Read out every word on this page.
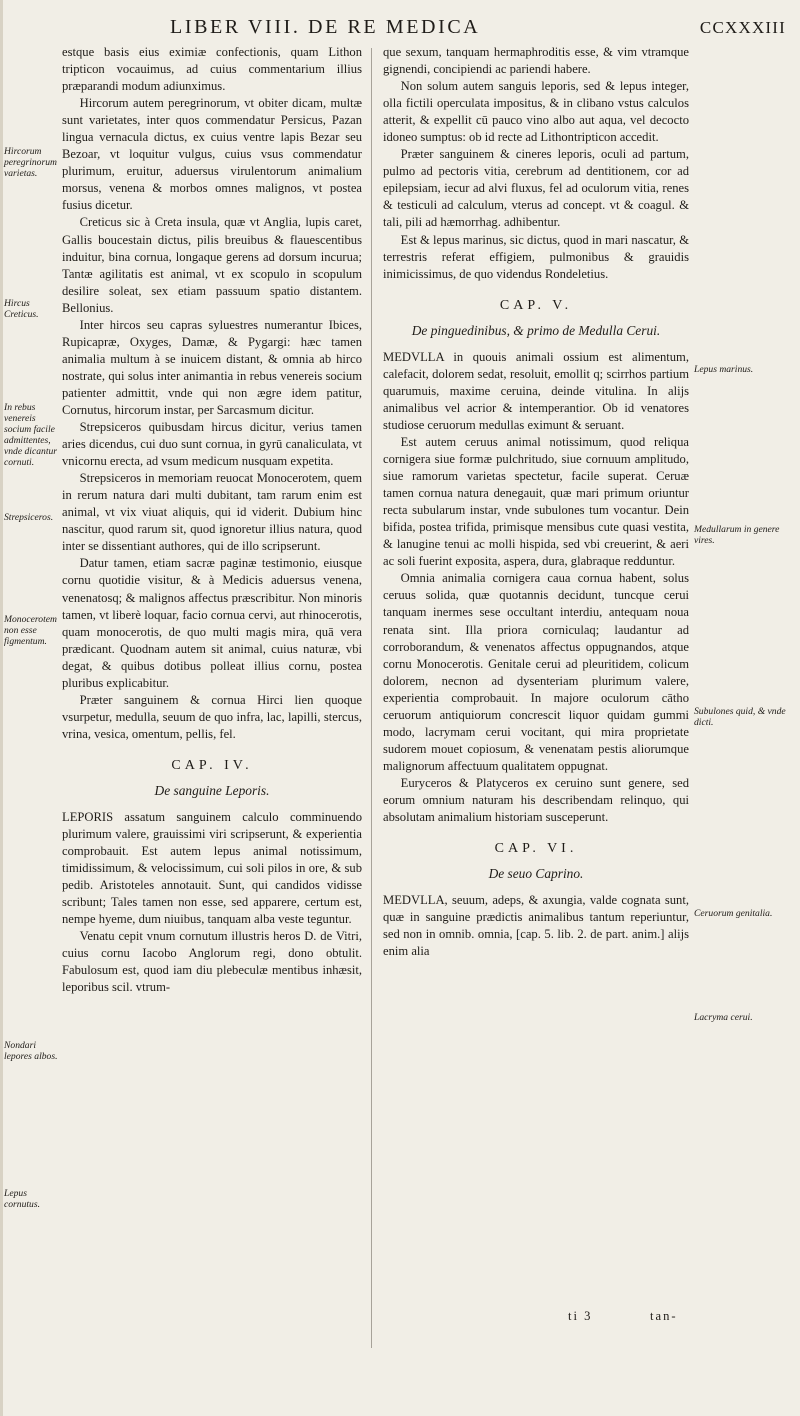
LIBER VIII. DE RE MEDICA	CCXXXIII

estque basis eius eximiæ confectionis, quam Lithon tripticon vocauimus, ad cuius commentarium illius præparandi modum adiunximus.

Hircorum autem peregrinorum, vt obiter dicam, multæ sunt varietates, inter quos commendatur Persicus, Pazan lingua vernacula dictus, ex cuius ventre lapis Bezar seu Bezoar, vt loquitur vulgus, cuius vsus commendatur plurimum, eruitur, aduersus virulentorum animalium morsus, venena & morbos omnes malignos, vt postea fusius dicetur.

Creticus sic à Creta insula, quæ vt Anglia, lupis caret, Gallis boucestain dictus, pilis breuibus & flauescentibus induitur, bina cornua, longaque gerens ad dorsum incurua; Tantæ agilitatis est animal, vt ex scopulo in scopulum desilire soleat, sex etiam passuum spatio distantem. Bellonius.

Inter hircos seu capras syluestres numerantur Ibices, Rupicapræ, Oxyges, Damæ, & Pygargi: hæc tamen animalia multum à se inuicem distant, & omnia ab hirco nostrate, qui solus inter animantia in rebus venereis socium patienter admittit, vnde qui non ægre idem patitur, Cornutus, hircorum instar, per Sarcasmum dicitur.

Strepsiceros quibusdam hircus dicitur, verius tamen aries dicendus, cui duo sunt cornua, in gyrū canaliculata, vt vnicornu erecta, ad vsum medicum nusquam expetita.

Strepsiceros in memoriam reuocat Monocerotem, quem in rerum natura dari multi dubitant, tam rarum enim est animal, vt vix viuat aliquis, qui id viderit. Dubium hinc nascitur, quod rarum sit, quod ignoretur illius natura, quod inter se dissentiant authores, qui de illo scripserunt.

Datur tamen, etiam sacræ paginæ testimonio, eiusque cornu quotidie visitur, & à Medicis aduersus venena, venenatosq; & malignos affectus præscribitur. Non minoris tamen, vt liberè loquar, facio cornua cervi, aut rhinocerotis, quam monocerotis, de quo multi magis mira, quā vera prædicant. Quodnam autem sit animal, cuius naturæ, vbi degat, & quibus dotibus polleat illius cornu, postea pluribus explicabitur.

Præter sanguinem & cornua Hirci lien quoque vsurpetur, medulla, seuum de quo infra, lac, lapilli, stercus, vrina, vesica, omentum, pellis, fel.

CAP. IV.

De sanguine Leporis.

LEPORIS assatum sanguinem calculo comminuendo plurimum valere, grauissimi viri scripserunt, & experientia comprobauit. Est autem lepus animal notissimum, timidissimum, & velocissimum, cui soli pilos in ore, & sub pedib. Aristoteles annotauit. Sunt, qui candidos vidisse scribunt; Tales tamen non esse, sed apparere, certum est, nempe hyeme, dum niuibus, tanquam alba veste teguntur.

Venatu cepit vnum cornutum illustris heros D. de Vitri, cuius cornu Iacobo Anglorum regi, dono obtulit. Fabulosum est, quod iam diu plebeculæ mentibus inhæsit, leporibus scil. vtrum-

que sexum, tanquam hermaphroditis esse, & vim vtramque gignendi, concipiendi ac pariendi habere.

Non solum autem sanguis leporis, sed & lepus integer, olla fictili operculata impositus, & in clibano vstus calculos atterit, & expellit cū pauco vino albo aut aqua, vel decocto idoneo sumptus: ob id recte ad Lithontripticon accedit.

Præter sanguinem & cineres leporis, oculi ad partum, pulmo ad pectoris vitia, cerebrum ad dentitionem, cor ad epilepsiam, iecur ad alvi fluxus, fel ad oculorum vitia, renes & testiculi ad calculum, vterus ad concept. vt & coagul. & tali, pili ad hæmorrhag. adhibentur.

Est & lepus marinus, sic dictus, quod in mari nascatur, & terrestris referat effigiem, pulmonibus & grauidis inimicissimus, de quo videndus Rondeletius.

CAP. V.

De pinguedinibus, & primo de Medulla Cerui.

MEDVLLA in quouis animali ossium est alimentum, calefacit, dolorem sedat, resoluit, emollit q; scirrhos partium quarumuis, maxime ceruina, deinde vitulina. In alijs animalibus vel acrior & intemperantior. Ob id venatores studiose ceruorum medullas eximunt & seruant.

Est autem ceruus animal notissimum, quod reliqua cornigera siue formæ pulchritudo, siue cornuum amplitudo, siue ramorum varietas spectetur, facile superat. Ceruæ tamen cornua natura denegauit, quæ mari primum oriuntur recta subularum instar, vnde subulones tum vocantur. Dein bifida, postea trifida, primisque mensibus cute quasi vestita, & lanugine tenui ac molli hispida, sed vbi creuerint, & aeri ac soli fuerint exposita, aspera, dura, glabraque redduntur.

Omnia animalia cornigera caua cornua habent, solus ceruus solida, quæ quotannis decidunt, tuncque cerui tanquam inermes sese occultant interdiu, antequam noua renata sint. Illa priora corniculaq; laudantur ad corroborandum, & venenatos affectus oppugnandos, atque cornu Monocerotis. Genitale cerui ad pleuritidem, colicum dolorem, necnon ad dysenteriam plurimum valere, experientia comprobauit. In majore oculorum cātho ceruorum antiquiorum concrescit liquor quidam gummi modo, lacrymam cerui vocitant, qui mira proprietate sudorem mouet copiosum, & venenatam pestis aliorumque malignorum affectuum qualitatem oppugnat.

Euryceros & Platyceros ex ceruino sunt genere, sed eorum omnium naturam his describendam relinquo, qui absolutam animalium historiam susceperunt.

CAP. VI.

De seuo Caprino.

MEDVLLA, seuum, adeps, & axungia, valde cognata sunt, quæ in sanguine prædictis animalibus tantum reperiuntur, sed non in omnib. omnia, [cap. 5. lib. 2. de part. anim.] alijs enim alia

Hircorum peregrinorum varietas.
Hircus Creticus.
In rebus venereis socium facile admittentes, vnde dicantur cornuti.
Strepsiceros.
Monocerotem non esse figmentum.
Nondari lepores albos.
Lepus cornutus.
Lepus marinus.
Medullarum in genere vires.
Subulones quid, & vnde dicti.
Ceruorum genitalia.
Lacryma cerui.
ti 3	tan-
